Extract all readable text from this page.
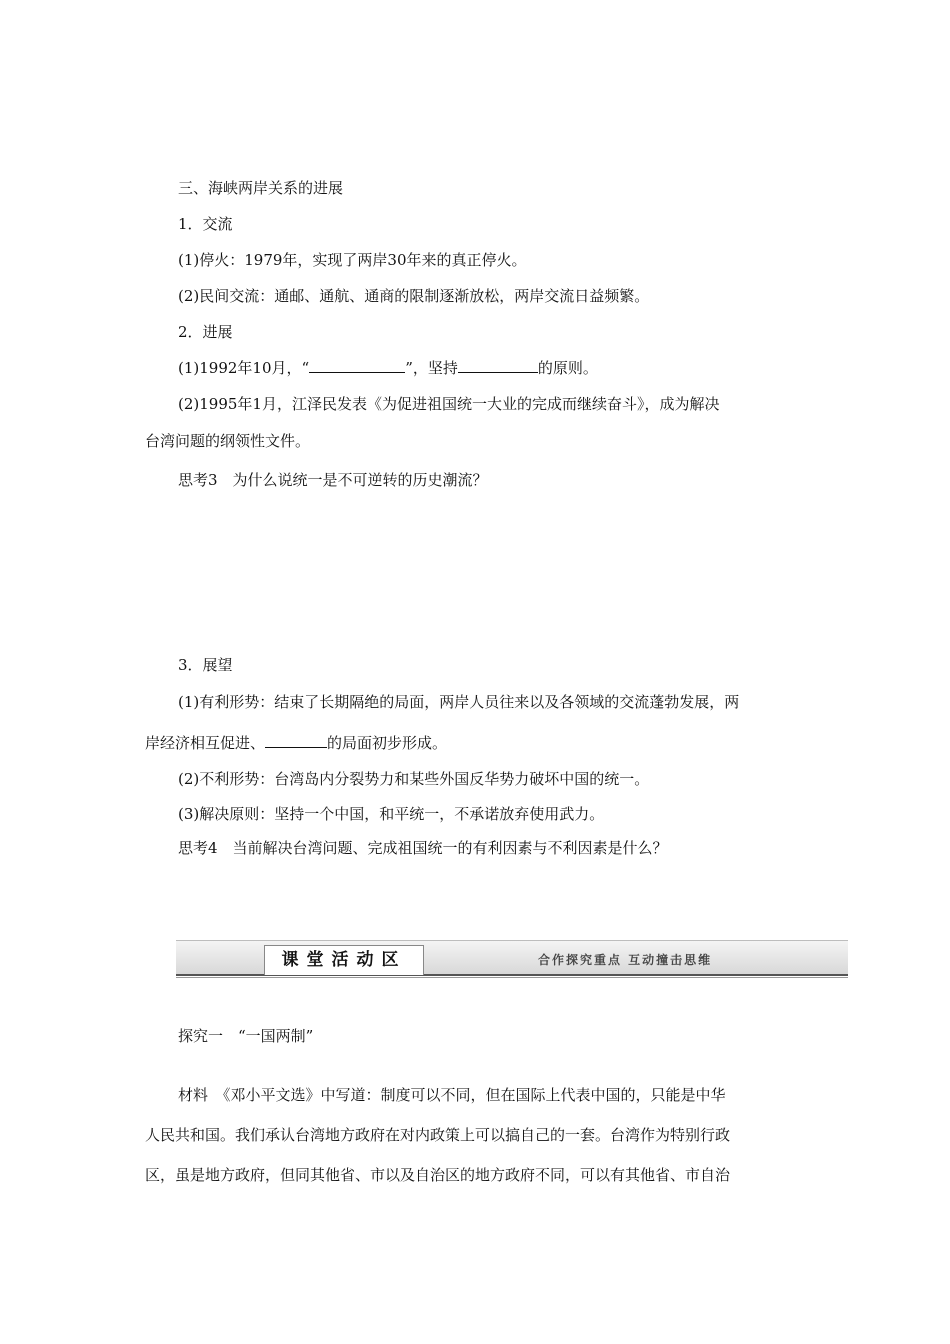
三、海峡两岸关系的进展
1．交流
(1)停火：1979年，实现了两岸30年来的真正停火。
(2)民间交流：通邮、通航、通商的限制逐渐放松，两岸交流日益频繁。
2．进展
(1)1992年10月，“	”，坚持	的原则。
(2)1995年1月，江泽民发表《为促进祖国统一大业的完成而继续奋斗》，成为解决
台湾问题的纲领性文件。
思考3　为什么说统一是不可逆转的历史潮流？
3．展望
(1)有利形势：结束了长期隔绝的局面，两岸人员往来以及各领域的交流蓬勃发展，两
岸经济相互促进、	的局面初步形成。
(2)不利形势：台湾岛内分裂势力和某些外国反华势力破坏中国的统一。
(3)解决原则：坚持一个中国，和平统一，不承诺放弃使用武力。
思考4　当前解决台湾问题、完成祖国统一的有利因素与不利因素是什么？
课堂活动区	合作探究重点 互动撞击思维
探究一　“一国两制”
材料　《邓小平文选》中写道：制度可以不同，但在国际上代表中国的，只能是中华
人民共和国。我们承认台湾地方政府在对内政策上可以搞自己的一套。台湾作为特别行政
区，虽是地方政府，但同其他省、市以及自治区的地方政府不同，可以有其他省、市自治
